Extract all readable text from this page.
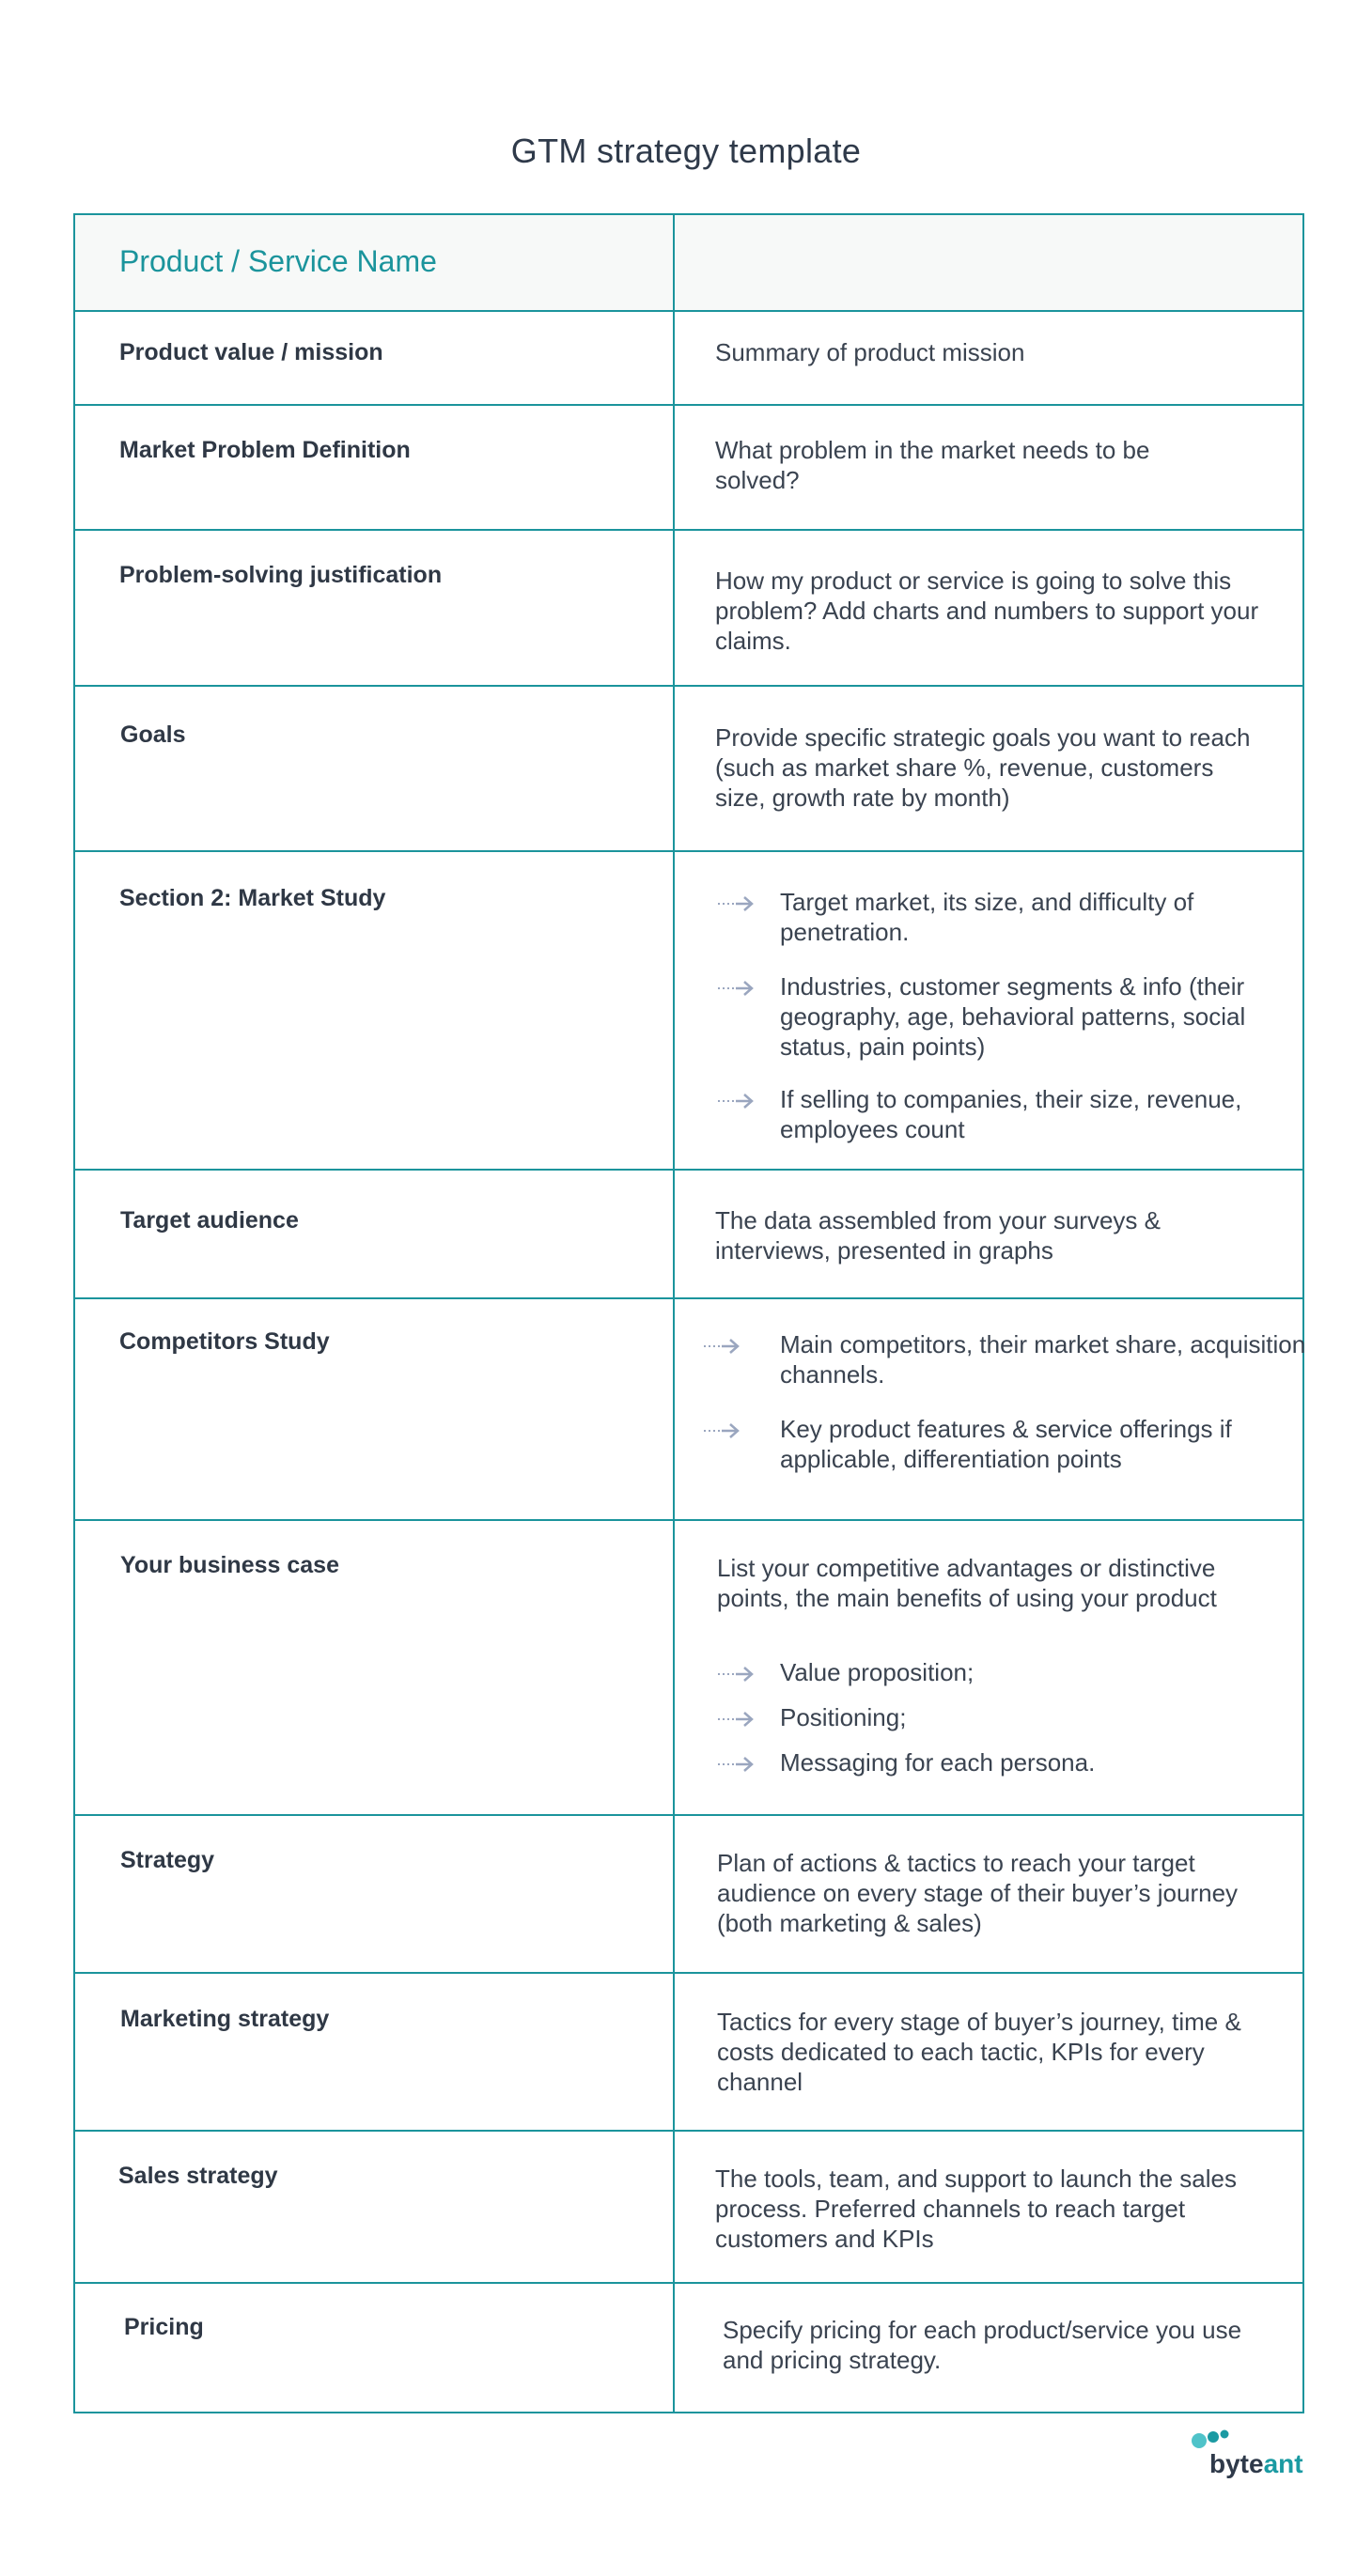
GTM strategy template
Product / Service Name
Product value / mission	Summary of product mission
Market Problem Definition	What problem in the market needs to be solved?
Problem-solving justification	How my product or service is going to solve this problem? Add charts and numbers to support your claims.
Goals	Provide specific strategic goals you want to reach (such as market share %, revenue, customers size, growth rate by month)
Section 2: Market Study	Target market, its size, and difficulty of penetration.
Industries, customer segments & info (their geography, age, behavioral patterns, social status, pain points)
If selling to companies, their size, revenue, employees count
Target audience	The data assembled from your surveys & interviews, presented in graphs
Competitors Study	Main competitors, their market share, acquisition channels.
Key product features & service offerings if applicable, differentiation points
Your business case	List your competitive advantages or distinctive points, the main benefits of using your product
Value proposition;
Positioning;
Messaging for each persona.
Strategy	Plan of actions & tactics to reach your target audience on every stage of their buyer’s journey (both marketing & sales)
Marketing strategy	Tactics for every stage of buyer’s journey, time & costs dedicated to each tactic, KPIs for every channel
Sales strategy	The tools, team, and support to launch the sales process. Preferred channels to reach target customers and KPIs
Pricing	Specify pricing for each product/service you use and pricing strategy.
byteant
